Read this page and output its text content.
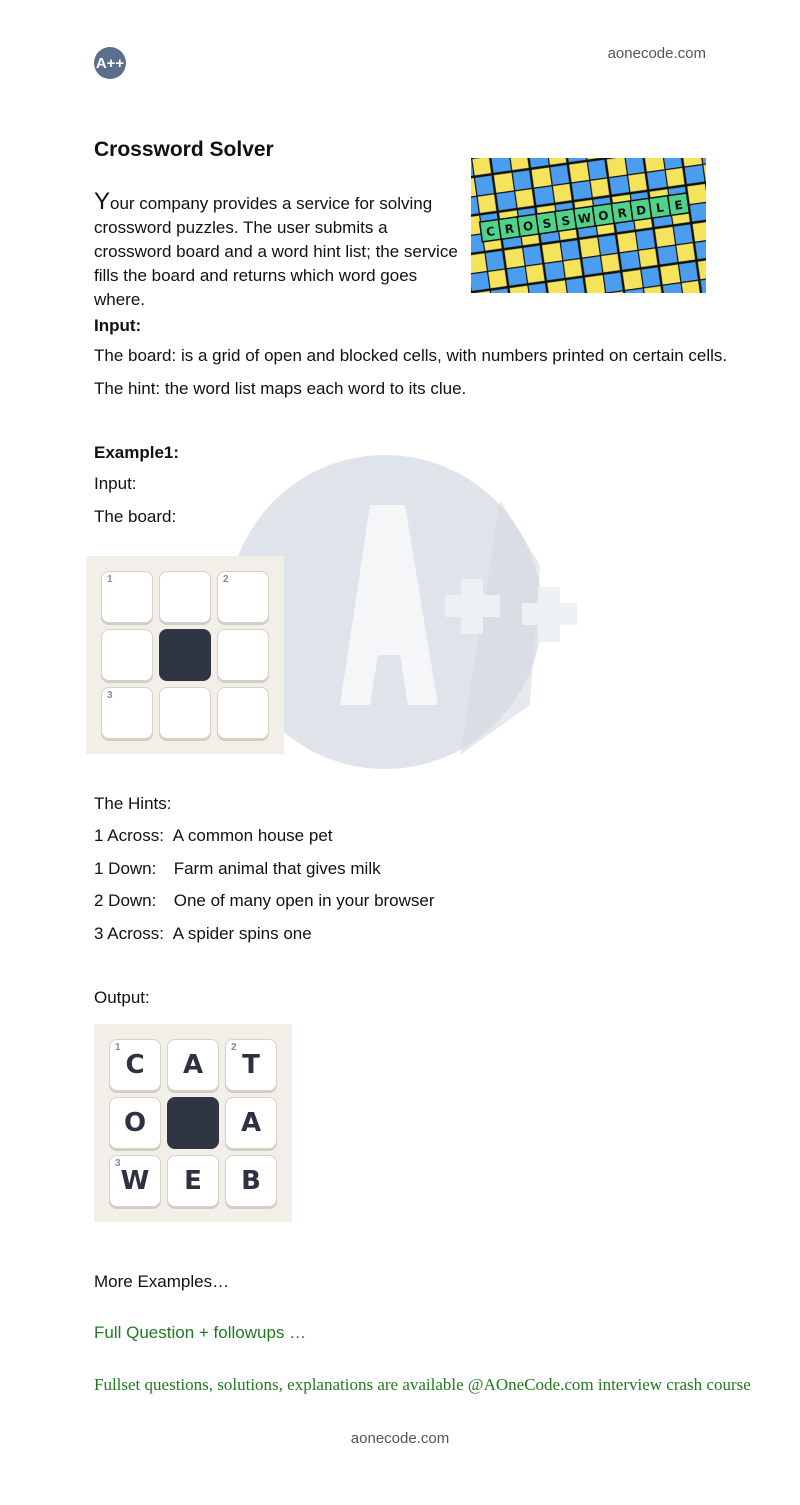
A++
aonecode.com
Crossword Solver
Your company provides a service for solving crossword puzzles. The user submits a crossword board and a word hint list; the service fills the board and returns which word goes where.
C R O S S W O R D L E
Input:
The board: is a grid of open and blocked cells, with numbers printed on certain cells.
The hint: the word list maps each word to its clue.
Example1:
Input:
The board:
1	2
3
The Hints:
1 Across: A common house pet
1 Down: Farm animal that gives milk
2 Down: One of many open in your browser
3 Across: A spider spins one
Output:
1
C A
2
T
O	A
3
W E B
More Examples…
Full Question + followups …
Fullset questions, solutions, explanations are available @AOneCode.com interview crash course
aonecode.com
